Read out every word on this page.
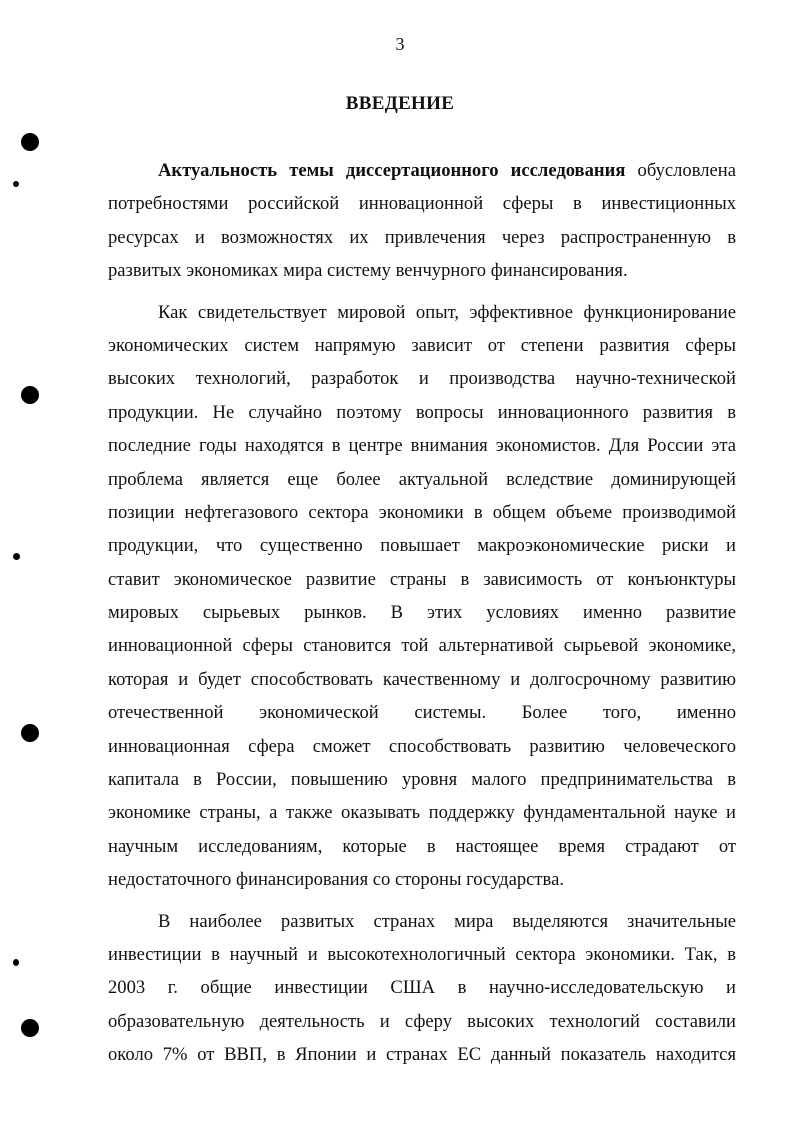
3
ВВЕДЕНИЕ
Актуальность темы диссертационного исследования обусловлена
потребностями российской инновационной сферы в инвестиционных
ресурсах и возможностях их привлечения через распространенную в
развитых экономиках мира систему венчурного финансирования.
Как свидетельствует мировой опыт, эффективное функционирование
экономических систем напрямую зависит от степени развития сферы
высоких технологий, разработок и производства научно-технической
продукции. Не случайно поэтому вопросы инновационного развития в
последние годы находятся в центре внимания экономистов. Для России эта
проблема является еще более актуальной вследствие доминирующей
позиции нефтегазового сектора экономики в общем объеме производимой
продукции, что существенно повышает макроэкономические риски и
ставит экономическое развитие страны в зависимость от конъюнктуры
мировых сырьевых рынков. В этих условиях именно развитие
инновационной сферы становится той альтернативой сырьевой экономике,
которая и будет способствовать качественному и долгосрочному развитию
отечественной экономической системы. Более того, именно
инновационная сфера сможет способствовать развитию человеческого
капитала в России, повышению уровня малого предпринимательства в
экономике страны, а также оказывать поддержку фундаментальной науке и
научным исследованиям, которые в настоящее время страдают от
недостаточного финансирования со стороны государства.
В наиболее развитых странах мира выделяются значительные
инвестиции в научный и высокотехнологичный сектора экономики. Так, в
2003 г. общие инвестиции США в научно-исследовательскую и
образовательную деятельность и сферу высоких технологий составили
около 7% от ВВП, в Японии и странах ЕС данный показатель находится
